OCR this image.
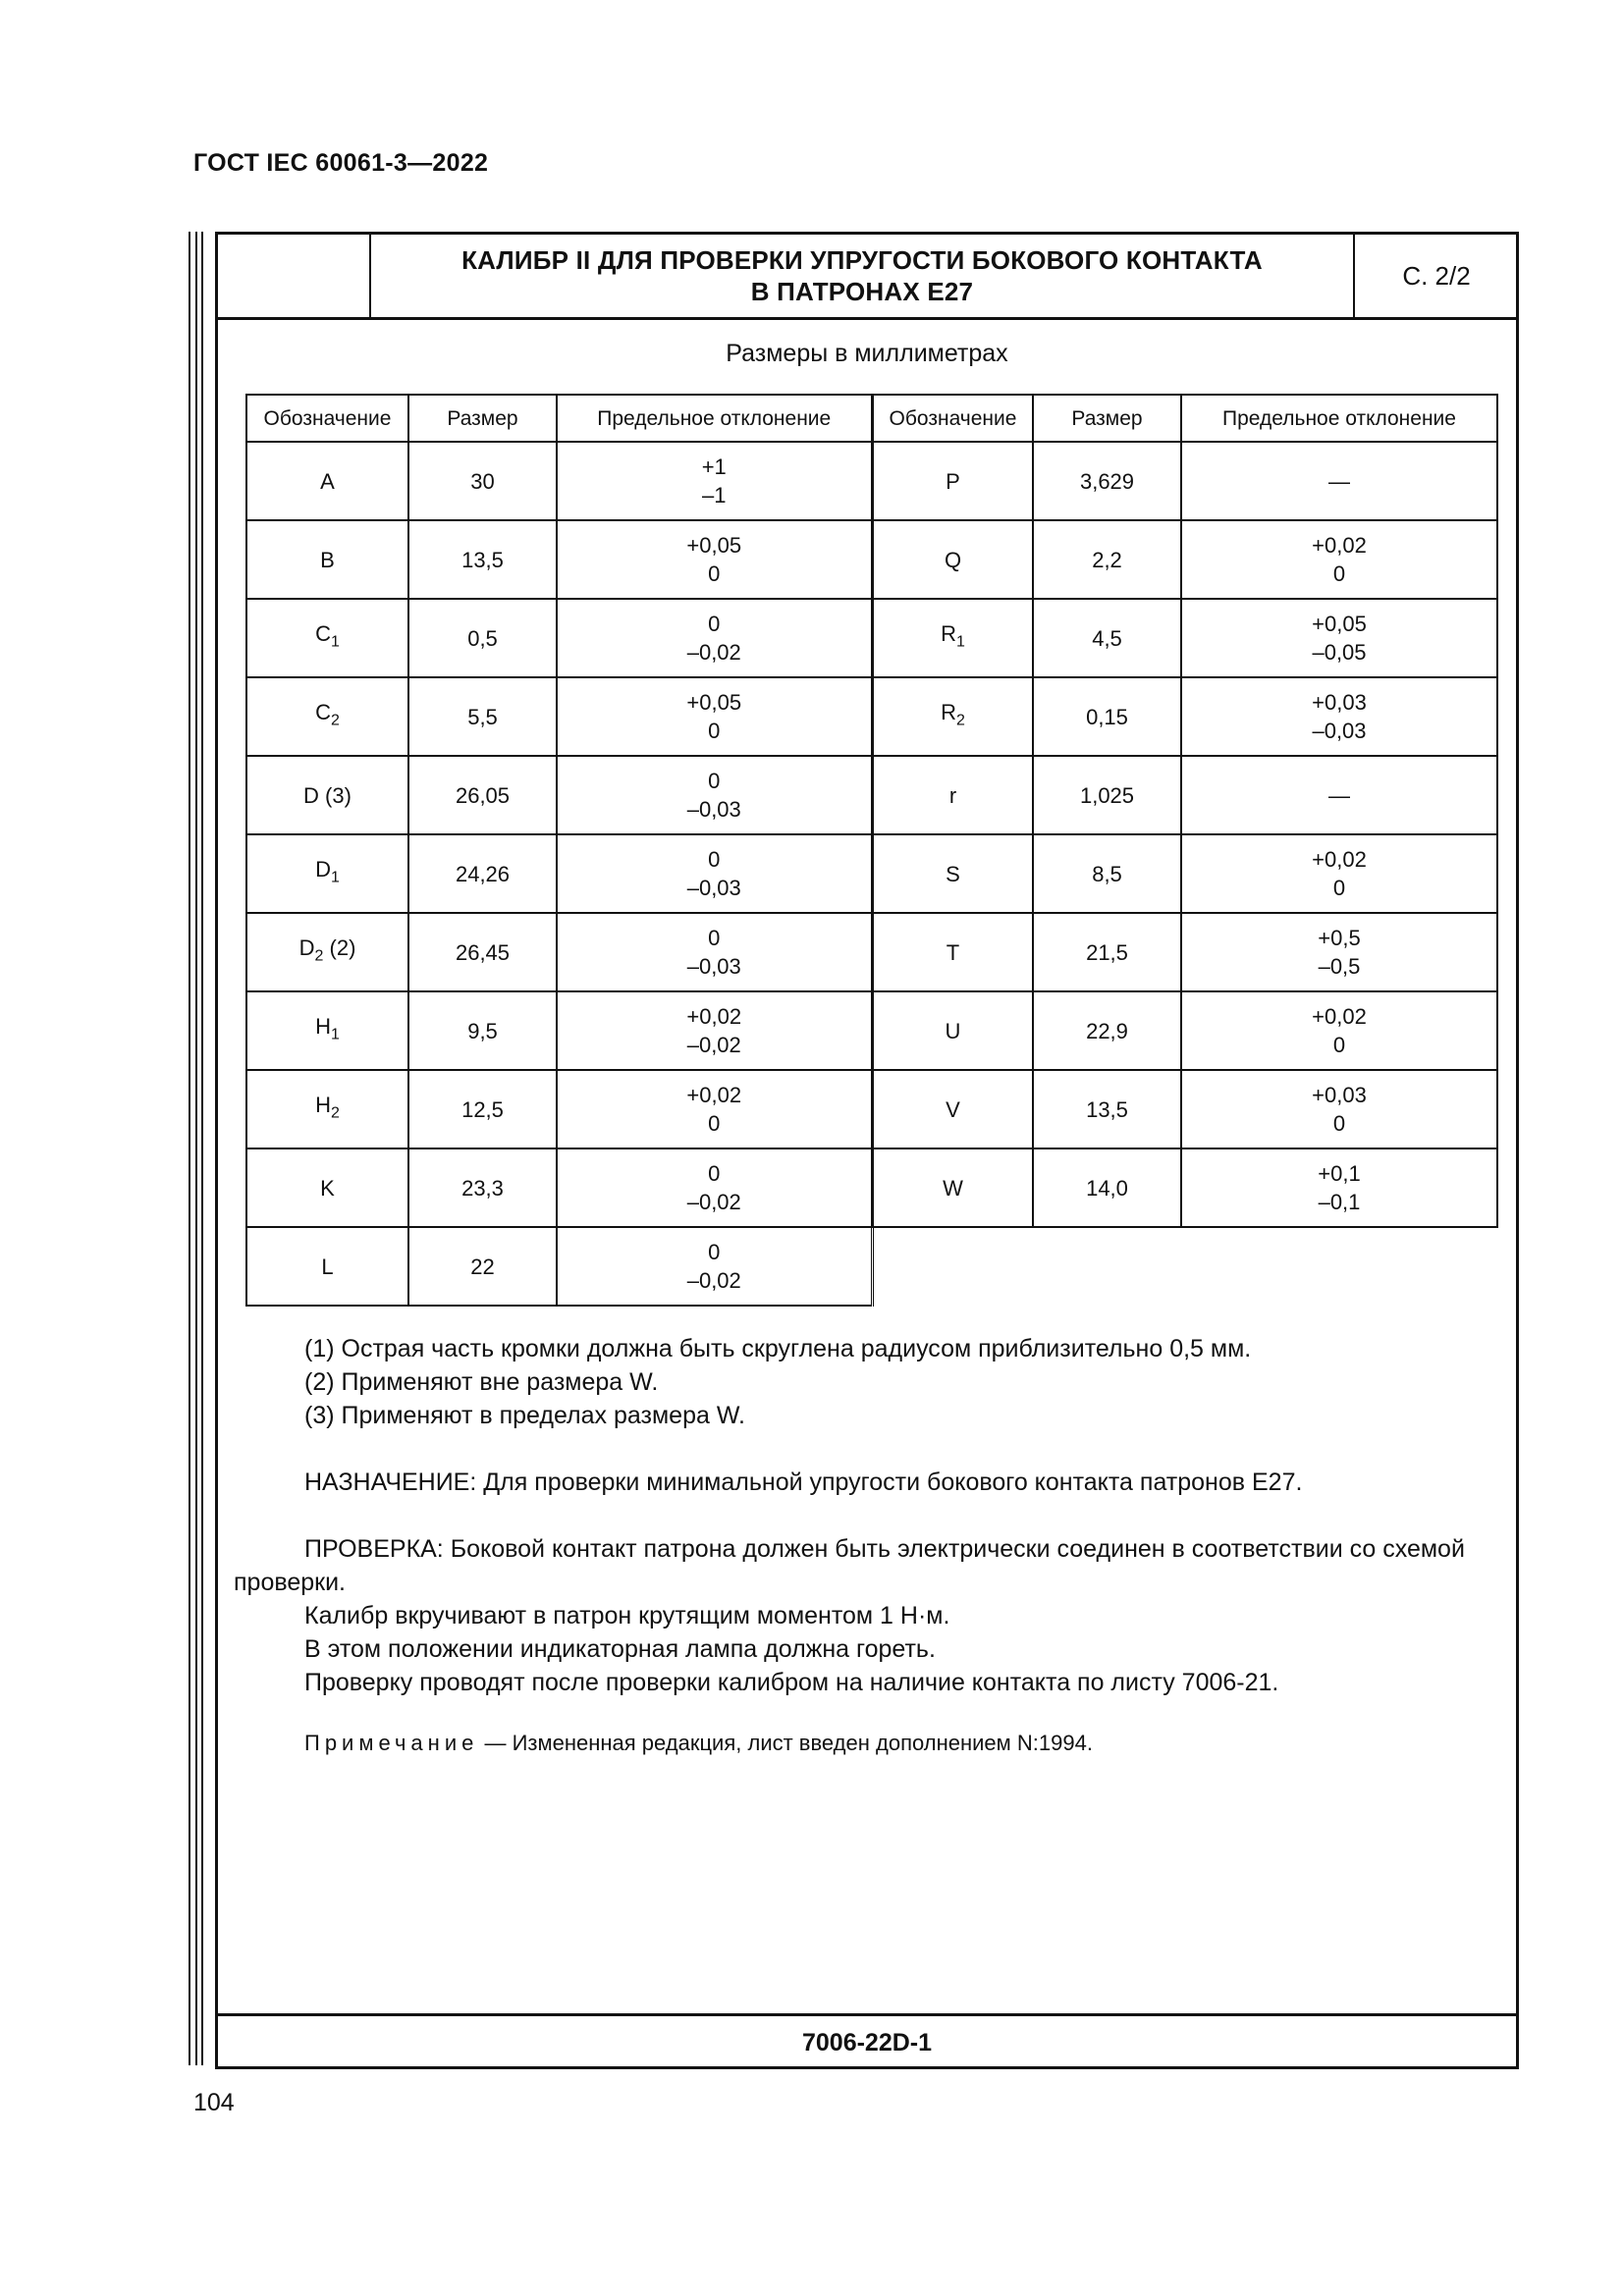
ГОСТ IEC 60061-3—2022
КАЛИБР II ДЛЯ ПРОВЕРКИ УПРУГОСТИ БОКОВОГО КОНТАКТА
В ПАТРОНАХ Е27
С. 2/2
Размеры в миллиметрах
Обозначение	Размер	Предельное отклонение
A	30	+1
–1

B	13,5	+0,05
0

$C_1$	0,5	0
–0,02

$C_2$	5,5	+0,05
0

D (3)	26,05	0
–0,03

$D_1$	24,26	0
–0,03

$D_2$ (2)	26,45	0
–0,03

$H_1$	9,5	+0,02
–0,02

$H_2$	12,5	+0,02
0

K	23,3	0
–0,02

L	22	0
–0,02
Обозначение	Размер	Предельное отклонение
P	3,629	—

Q	2,2	+0,02
0

$R_1$	4,5	+0,05
–0,05

$R_2$	0,15	+0,03
–0,03

r	1,025	—

S	8,5	+0,02
0

T	21,5	+0,5
–0,5

U	22,9	+0,02
0

V	13,5	+0,03
0

W	14,0	+0,1
–0,1

(1) Острая часть кромки должна быть скруглена радиусом приблизительно 0,5 мм.

(2) Применяют вне размера W.

(3) Применяют в пределах размера W.

НАЗНАЧЕНИЕ: Для проверки минимальной упругости бокового контакта патронов Е27.

ПРОВЕРКА: Боковой контакт патрона должен быть электрически соединен в соответствии со схемой проверки.

Калибр вкручивают в патрон крутящим моментом 1 Н·м.

В этом положении индикаторная лампа должна гореть.

Проверку проводят после проверки калибром на наличие контакта по листу 7006-21.

Примечание — Измененная редакция, лист введен дополнением N:1994.
7006-22D-1
104
